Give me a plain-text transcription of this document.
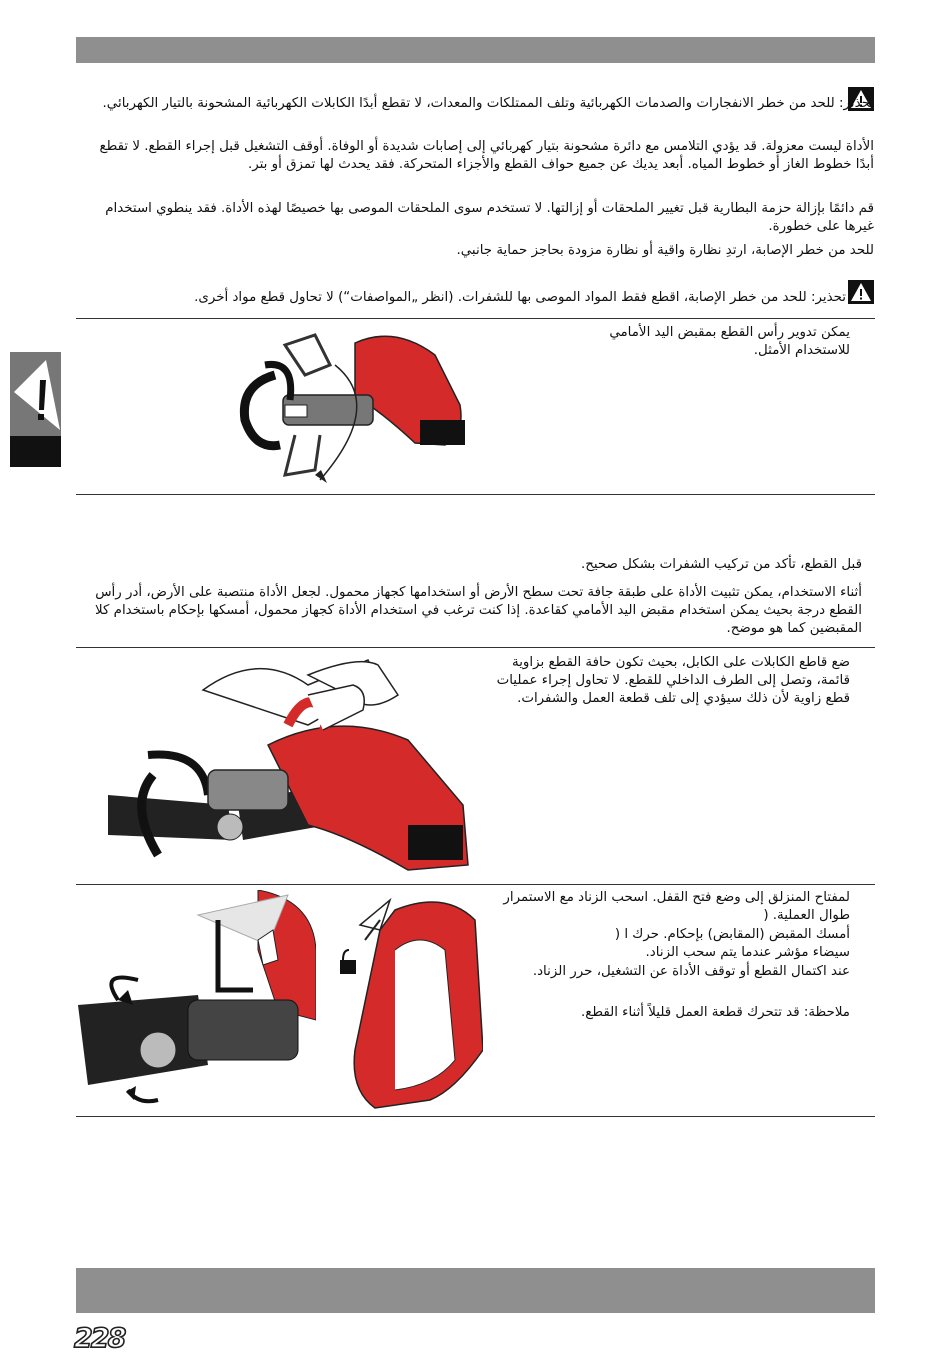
تحذير: للحد من خطر الانفجارات والصدمات الكهربائية وتلف الممتلكات والمعدات، لا تقطع أبدًا الكابلات الكهربائية المشحونة بالتيار الكهربائي.

الأداة ليست معزولة. قد يؤدي التلامس مع دائرة مشحونة بتيار كهربائي إلى إصابات شديدة أو الوفاة. أوقف التشغيل قبل إجراء القطع. لا تقطع أبدًا خطوط الغاز أو خطوط المياه. أبعد يديك عن جميع حواف القطع والأجزاء المتحركة. فقد يحدث لها تمزق أو بتر.

قم دائمًا بإزالة حزمة البطارية قبل تغيير الملحقات أو إزالتها. لا تستخدم سوى الملحقات الموصى بها خصيصًا لهذه الأداة. فقد ينطوي استخدام غيرها على خطورة.

للحد من خطر الإصابة، ارتدِ نظارة واقية أو نظارة مزودة بحاجز حماية جانبي.

تحذير: للحد من خطر الإصابة، اقطع فقط المواد الموصى بها للشفرات. (انظر „المواصفات“) لا تحاول قطع مواد أخرى.

يمكن تدوير رأس القطع بمقبض اليد الأمامي للاستخدام الأمثل.

قبل القطع، تأكد من تركيب الشفرات بشكل صحيح.

أثناء الاستخدام، يمكن تثبيت الأداة على طبقة جافة تحت سطح الأرض أو استخدامها كجهاز محمول. لجعل الأداة منتصبة على الأرض، أدر رأس القطع درجة بحيث يمكن استخدام مقبض اليد الأمامي كقاعدة. إذا كنت ترغب في استخدام الأداة كجهاز محمول، أمسكها بإحكام باستخدام كلا المقبضين كما هو موضح.

ضع قاطع الكابلات على الكابل، بحيث تكون حافة القطع بزاوية قائمة، وتصل إلى الطرف الداخلي للقطع. لا تحاول إجراء عمليات قطع زاوية لأن ذلك سيؤدي إلى تلف قطعة العمل والشفرات.

لمفتاح المنزلق إلى وضع فتح القفل. اسحب الزناد مع الاستمرار طوال العملية. (

أمسك المقبض (المقابض) بإحكام. حرك ا (

سيضاء مؤشر عندما يتم سحب الزناد.

عند اكتمال القطع أو توقف الأداة عن التشغيل، حرر الزناد.

ملاحظة: قد تتحرك قطعة العمل قليلاً أثناء القطع.

228
